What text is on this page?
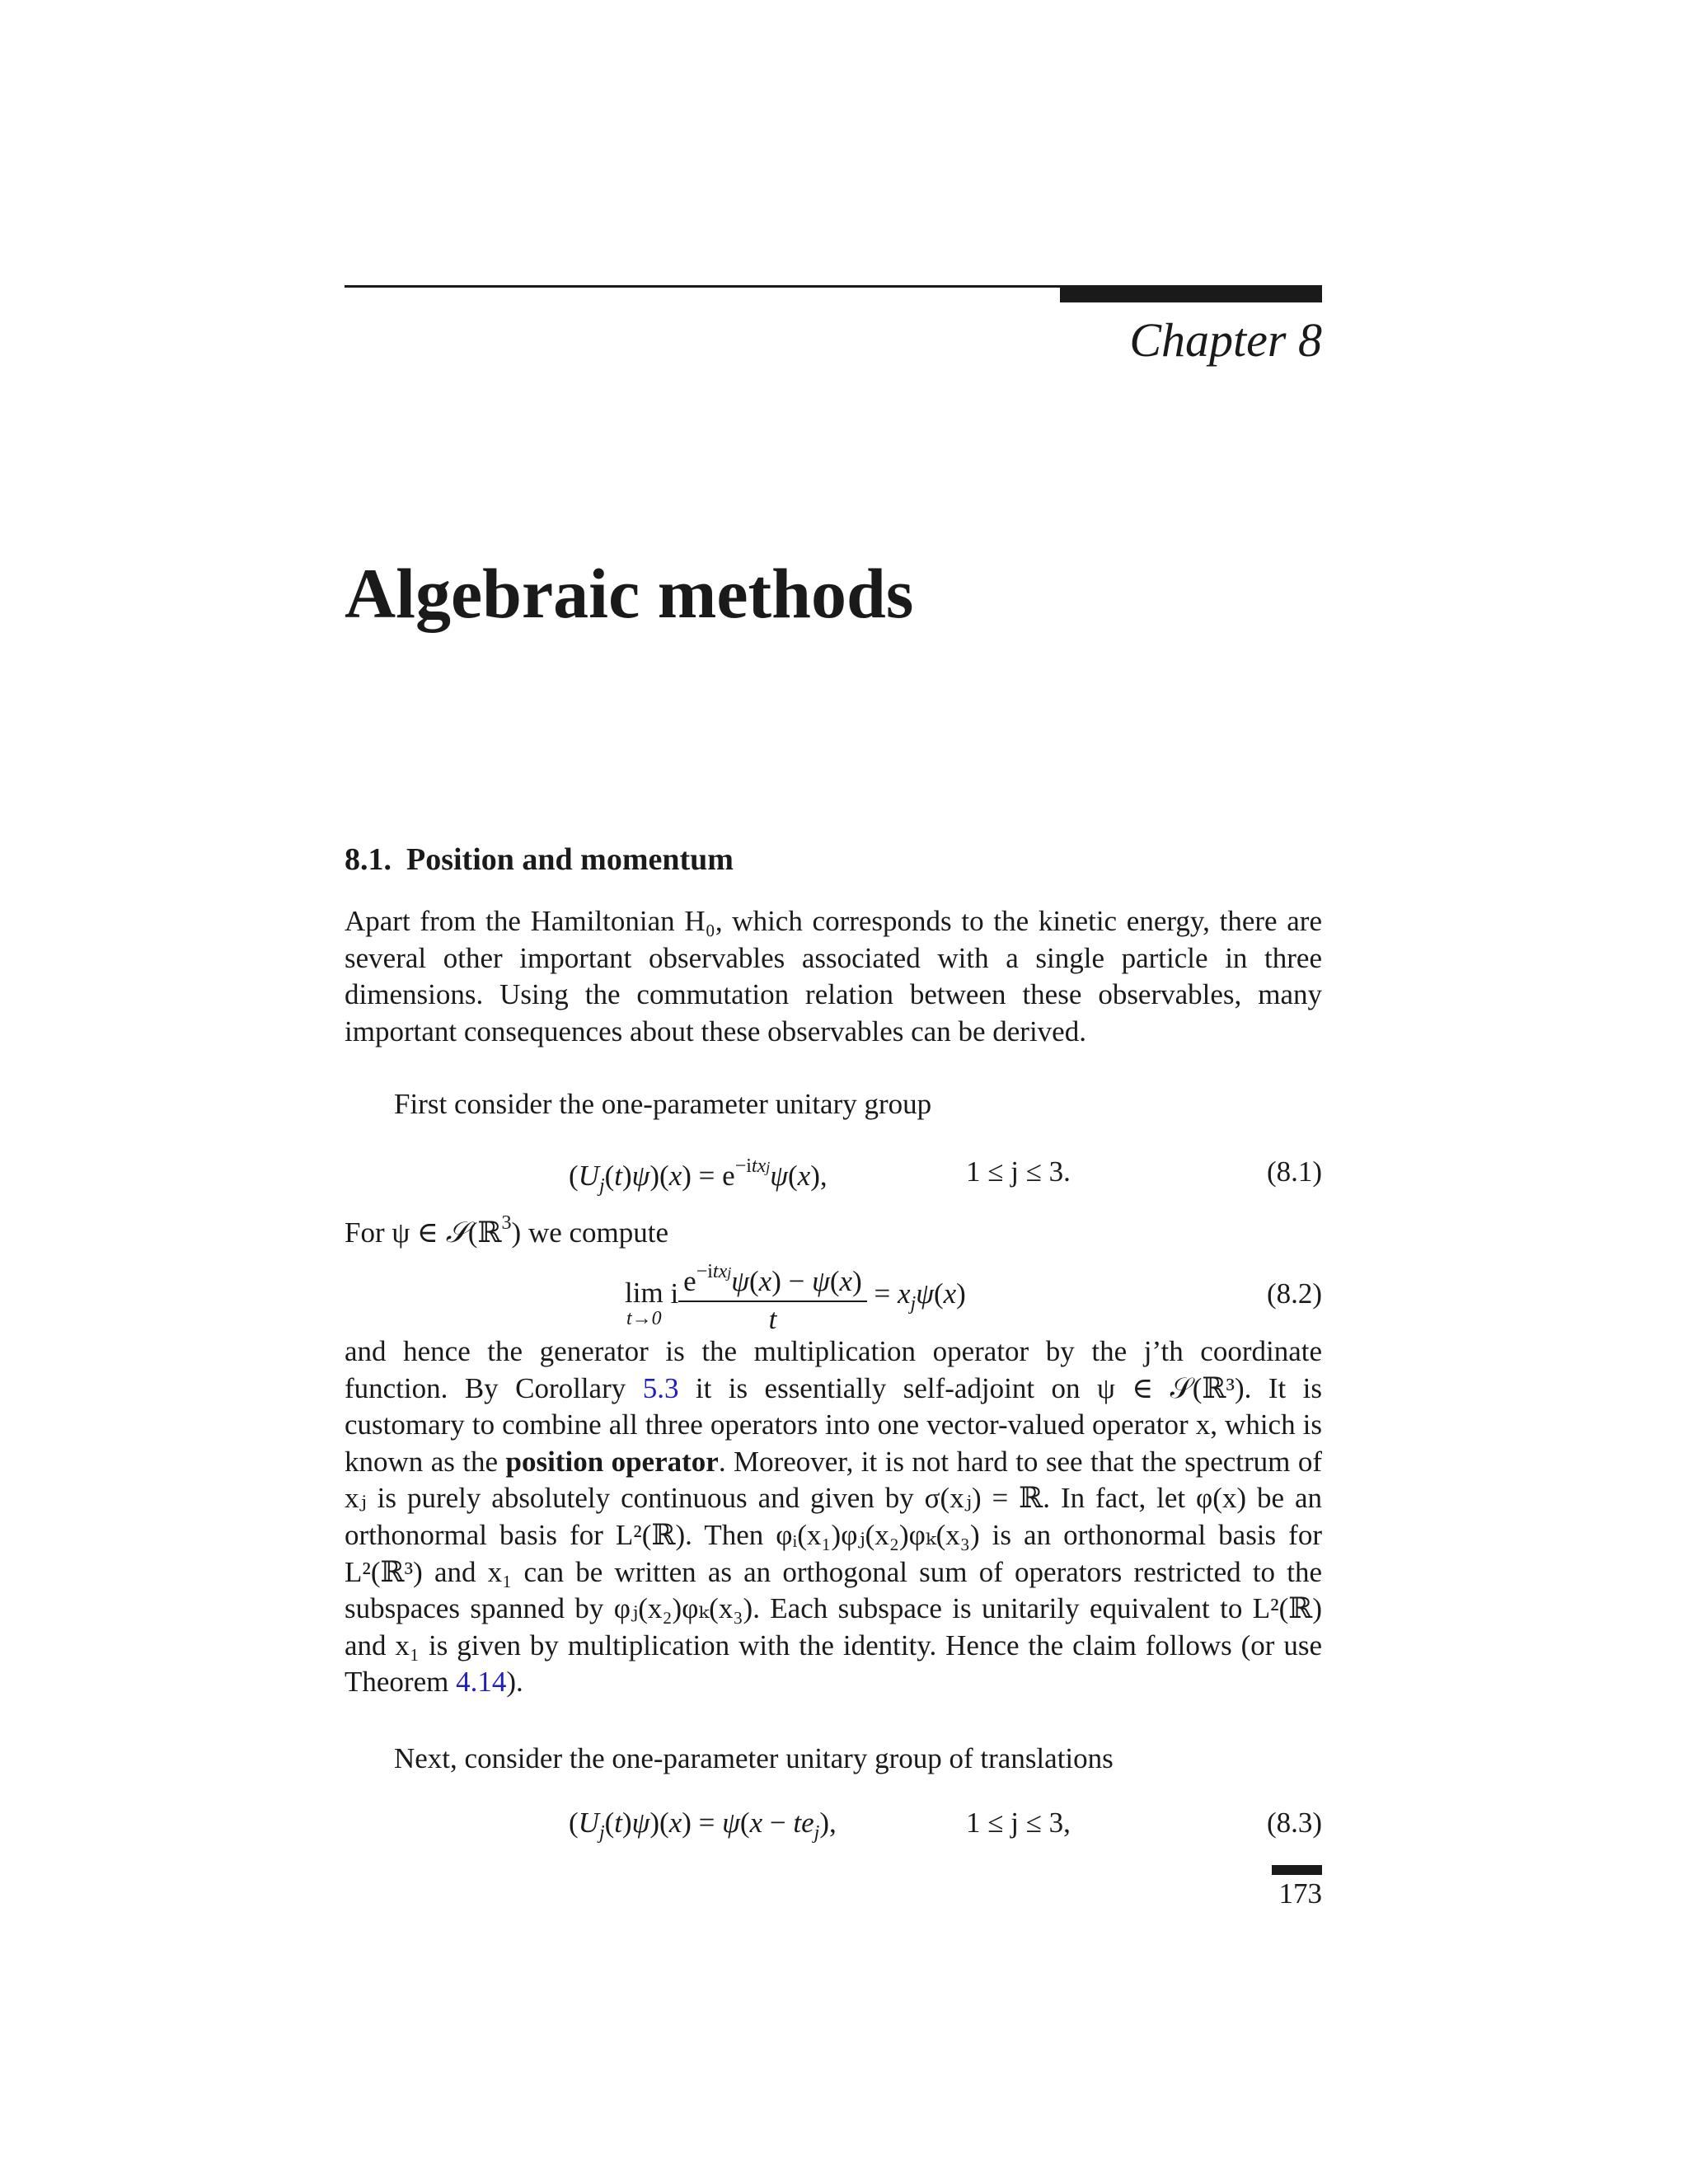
Chapter 8
Algebraic methods
8.1. Position and momentum

Apart from the Hamiltonian H₀, which corresponds to the kinetic energy, there are several other important observables associated with a single particle in three dimensions. Using the commutation relation between these observables, many important consequences about these observables can be derived.

First consider the one-parameter unitary group

$(U_j(t)\psi)(x) = e^{-itxj}\psi(x)$,	1 ≤ j ≤ 3.	(8.1)

For ψ ∈ 𝒮(ℝ$^3$) we compute

lim
t→0
i $\frac{e^{-itxj}\psi(x) - \psi(x)}{t} = x_j\psi(x)$	(8.2)

and hence the generator is the multiplication operator by the j’th coordinate function. By Corollary 5.3 it is essentially self-adjoint on ψ ∈ 𝒮(ℝ³). It is customary to combine all three operators into one vector-valued operator x, which is known as the position operator. Moreover, it is not hard to see that the spectrum of xⱼ is purely absolutely continuous and given by σ(xⱼ) = ℝ. In fact, let φ(x) be an orthonormal basis for L²(ℝ). Then φᵢ(x₁)φⱼ(x₂)φₖ(x₃) is an orthonormal basis for L²(ℝ³) and x₁ can be written as an orthogonal sum of operators restricted to the subspaces spanned by φⱼ(x₂)φₖ(x₃). Each subspace is unitarily equivalent to L²(ℝ) and x₁ is given by multiplication with the identity. Hence the claim follows (or use Theorem 4.14).

Next, consider the one-parameter unitary group of translations

$(U_j(t)\psi)(x) = \psi(x - te_j)$,	1 ≤ j ≤ 3,	(8.3)
173
